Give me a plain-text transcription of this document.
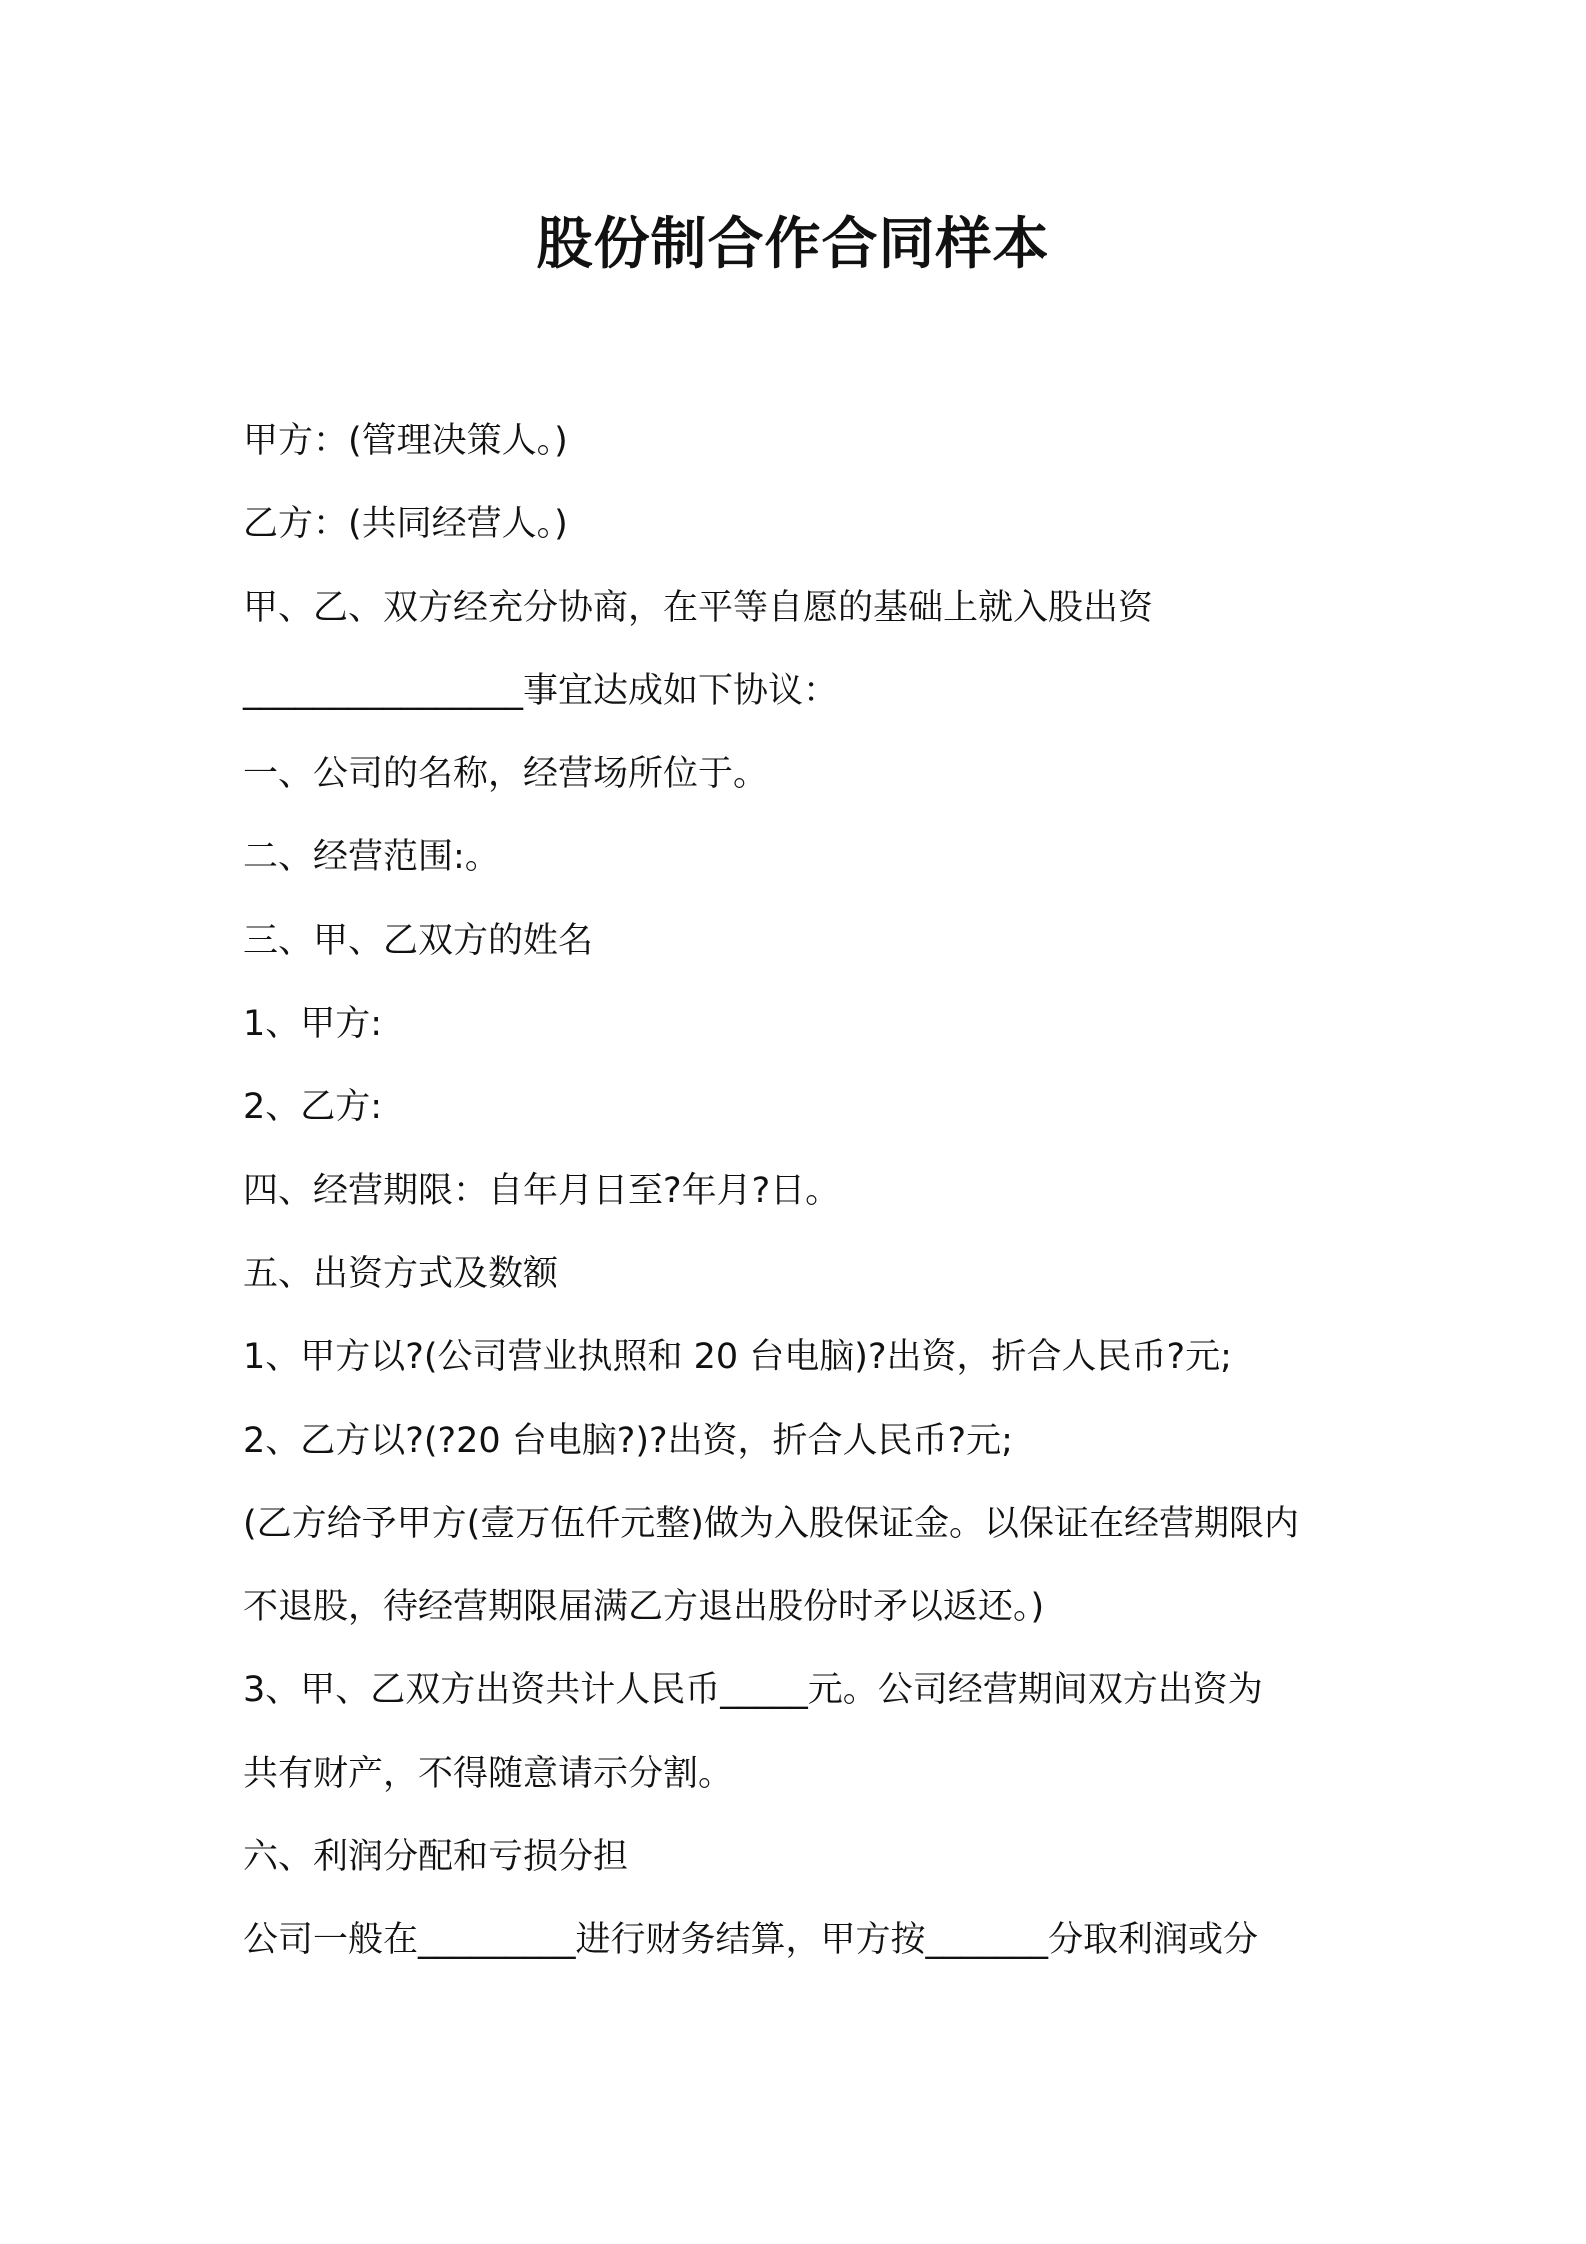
股份制合作合同样本

甲方：(管理决策人。)

乙方：(共同经营人。)

甲、乙、双方经充分协商，在平等自愿的基础上就入股出资

________________事宜达成如下协议：

一、公司的名称，经营场所位于。

二、经营范围:。

三、甲、乙双方的姓名

1、甲方:

2、乙方:

四、经营期限：自年月日至?年月?日。

五、出资方式及数额

1、甲方以?(公司营业执照和 20 台电脑)?出资，折合人民币?元;

2、乙方以?(?20 台电脑?)?出资，折合人民币?元;

(乙方给予甲方(壹万伍仟元整)做为入股保证金。以保证在经营期限内

不退股，待经营期限届满乙方退出股份时矛以返还。)

3、甲、乙双方出资共计人民币_____元。公司经营期间双方出资为

共有财产，不得随意请示分割。

六、利润分配和亏损分担

公司一般在_________进行财务结算，甲方按_______分取利润或分
